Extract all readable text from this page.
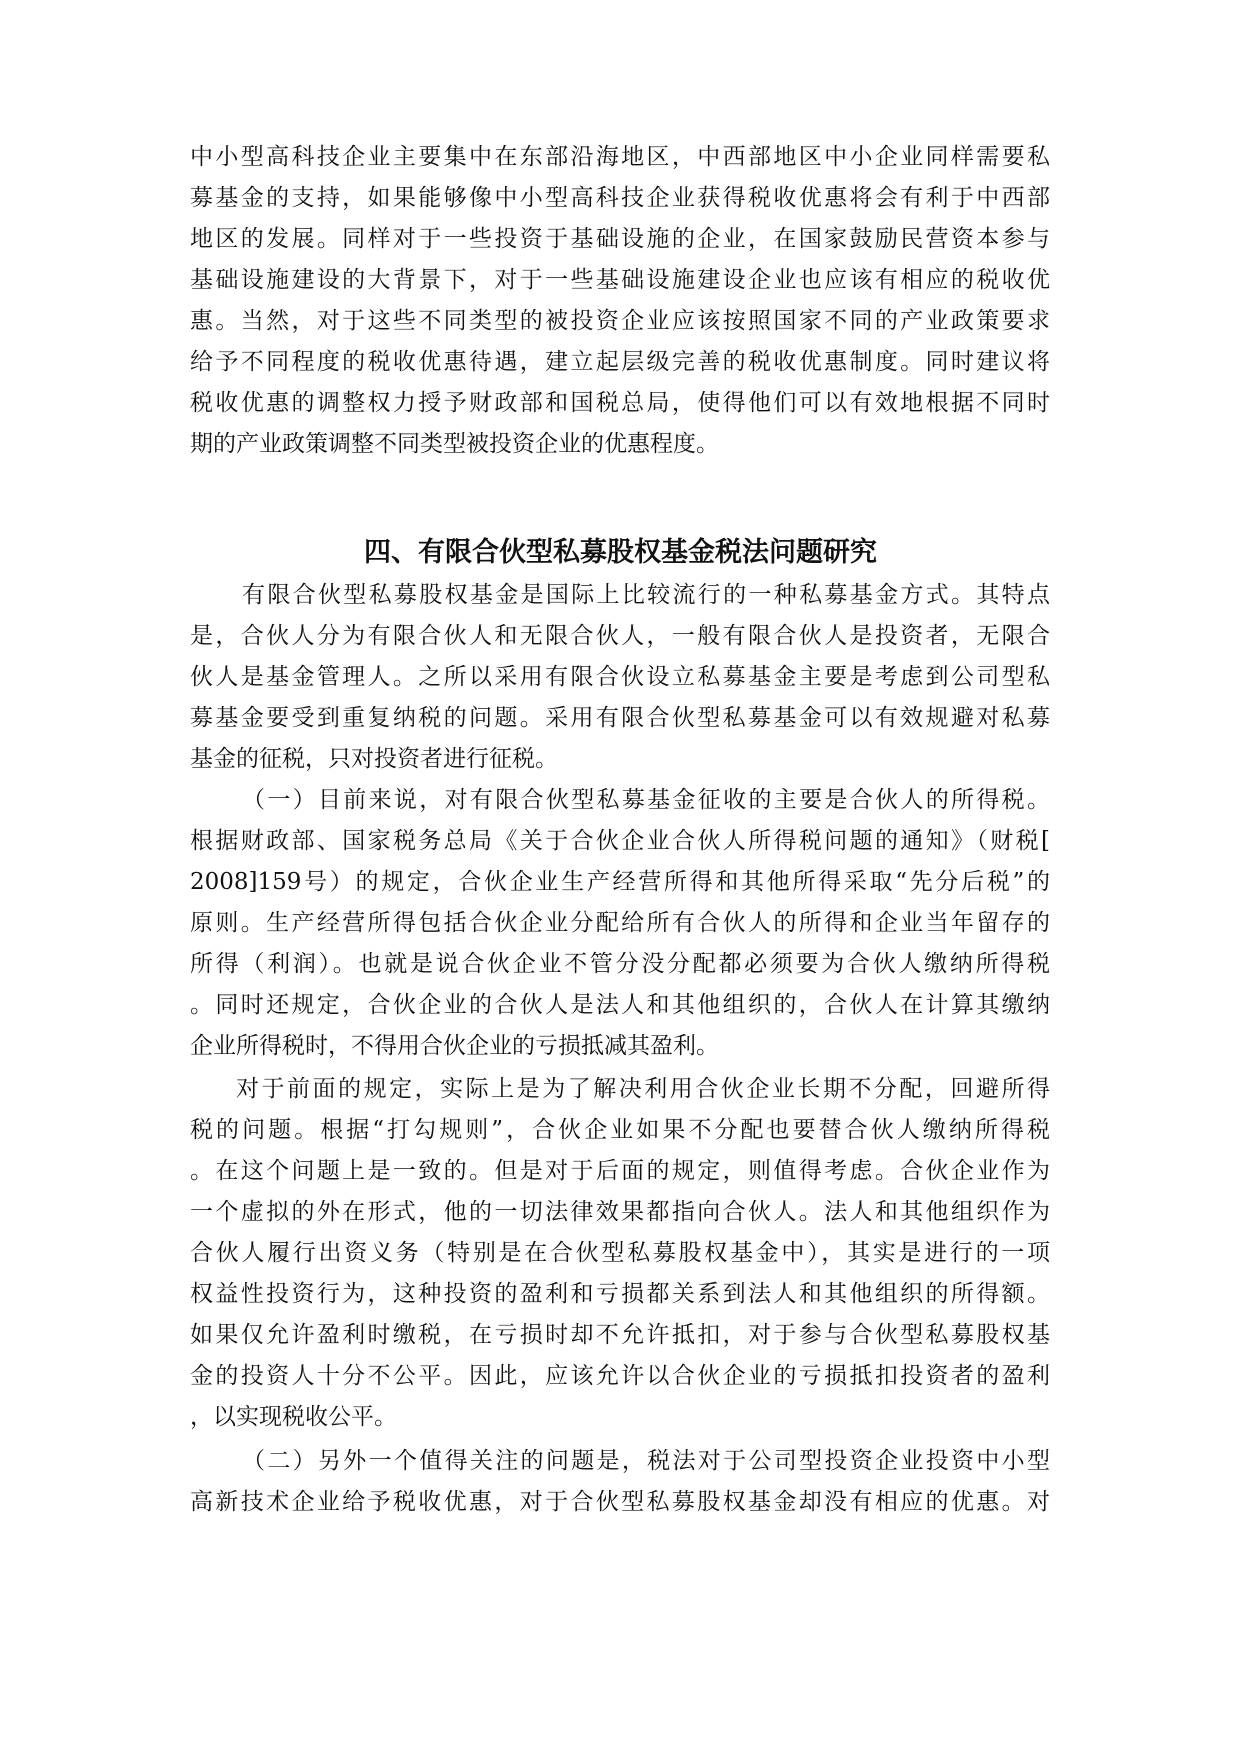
中小型高科技企业主要集中在东部沿海地区，中西部地区中小企业同样需要私
募基金的支持，如果能够像中小型高科技企业获得税收优惠将会有利于中西部
地区的发展。同样对于一些投资于基础设施的企业，在国家鼓励民营资本参与
基础设施建设的大背景下，对于一些基础设施建设企业也应该有相应的税收优
惠。当然，对于这些不同类型的被投资企业应该按照国家不同的产业政策要求
给予不同程度的税收优惠待遇，建立起层级完善的税收优惠制度。同时建议将
税收优惠的调整权力授予财政部和国税总局，使得他们可以有效地根据不同时
期的产业政策调整不同类型被投资企业的优惠程度。
四、有限合伙型私募股权基金税法问题研究
有限合伙型私募股权基金是国际上比较流行的一种私募基金方式。其特点
是，合伙人分为有限合伙人和无限合伙人，一般有限合伙人是投资者，无限合
伙人是基金管理人。之所以采用有限合伙设立私募基金主要是考虑到公司型私
募基金要受到重复纳税的问题。采用有限合伙型私募基金可以有效规避对私募
基金的征税，只对投资者进行征税。
（一）目前来说，对有限合伙型私募基金征收的主要是合伙人的所得税。
根据财政部、国家税务总局《关于合伙企业合伙人所得税问题的通知》（财税[
2008]159号）的规定，合伙企业生产经营所得和其他所得采取“先分后税”的
原则。生产经营所得包括合伙企业分配给所有合伙人的所得和企业当年留存的
所得（利润）。也就是说合伙企业不管分没分配都必须要为合伙人缴纳所得税
。同时还规定，合伙企业的合伙人是法人和其他组织的，合伙人在计算其缴纳
企业所得税时，不得用合伙企业的亏损抵减其盈利。
对于前面的规定，实际上是为了解决利用合伙企业长期不分配，回避所得
税的问题。根据“打勾规则”，合伙企业如果不分配也要替合伙人缴纳所得税
。在这个问题上是一致的。但是对于后面的规定，则值得考虑。合伙企业作为
一个虚拟的外在形式，他的一切法律效果都指向合伙人。法人和其他组织作为
合伙人履行出资义务（特别是在合伙型私募股权基金中），其实是进行的一项
权益性投资行为，这种投资的盈利和亏损都关系到法人和其他组织的所得额。
如果仅允许盈利时缴税，在亏损时却不允许抵扣，对于参与合伙型私募股权基
金的投资人十分不公平。因此，应该允许以合伙企业的亏损抵扣投资者的盈利
，以实现税收公平。
（二）另外一个值得关注的问题是，税法对于公司型投资企业投资中小型
高新技术企业给予税收优惠，对于合伙型私募股权基金却没有相应的优惠。对
